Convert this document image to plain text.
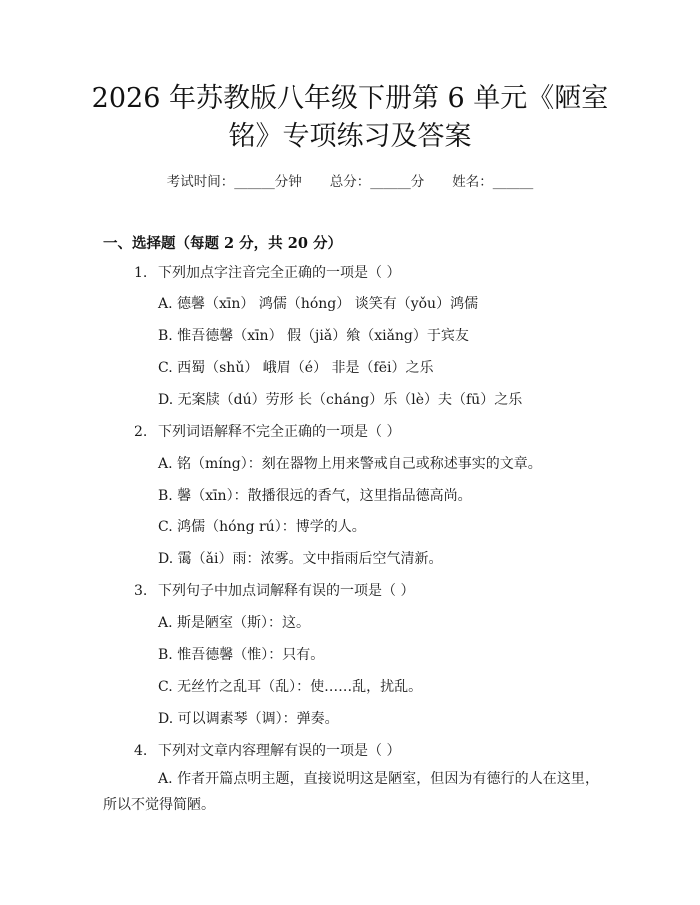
2026 年苏教版八年级下册第 6 单元《陋室
铭》专项练习及答案
考试时间：______分钟 总分：______分 姓名：______
一、选择题（每题 2 分，共 20 分）
1. 下列加点字注音完全正确的一项是（ ）
A. 德馨（xīn） 鸿儒（hóng） 谈笑有（yǒu）鸿儒
B. 惟吾德馨（xīn） 假（jiǎ）飨（xiǎng）于宾友
C. 西蜀（shǔ） 峨眉（é） 非是（fēi）之乐
D. 无案牍（dú）劳形 长（cháng）乐（lè）夫（fū）之乐
2. 下列词语解释不完全正确的一项是（ ）
A. 铭（míng）：刻在器物上用来警戒自己或称述事实的文章。
B. 馨（xīn）：散播很远的香气，这里指品德高尚。
C. 鸿儒（hóng rú）：博学的人。
D. 霭（ǎi）雨：浓雾。文中指雨后空气清新。
3. 下列句子中加点词解释有误的一项是（ ）
A. 斯是陋室（斯）：这。
B. 惟吾德馨（惟）：只有。
C. 无丝竹之乱耳（乱）：使……乱，扰乱。
D. 可以调素琴（调）：弹奏。
4. 下列对文章内容理解有误的一项是（ ）
A. 作者开篇点明主题，直接说明这是陋室，但因为有德行的人在这里，所以不觉得简陋。
